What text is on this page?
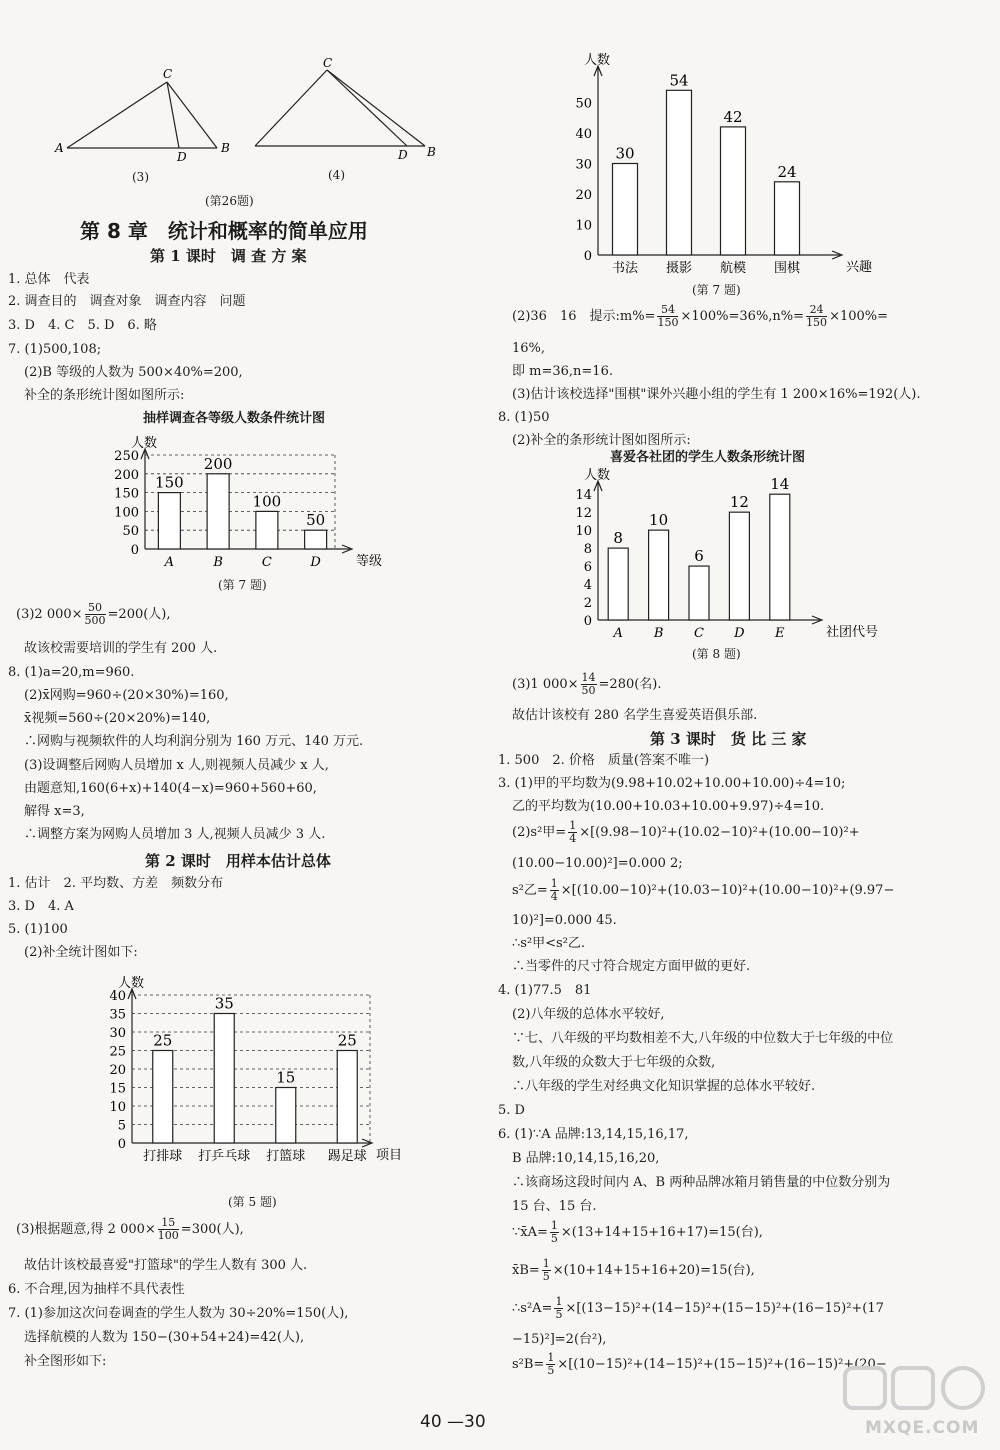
C
A
D
B
(3)
C
D B
(4)
(第26题)
第 8 章　统计和概率的简单应用
第 1 课时　调 查 方 案
1. 总体　代表
2. 调查目的　调查对象　调查内容　问题
3. D　4. C　5. D　6. 略
7. (1)500,108;
(2)B 等级的人数为 500×40%=200,
补全的条形统计图如图所示:
抽样调查各等级人数条件统计图
人数
等级
0
50
100
150
200
250
150
A
200
B
100
C
50
D
(第 7 题)
(3)2 $000\times \frac{50}{500} =200$(人),
故该校需要培训的学生有 200 人.
8. (1)a=20,m=960.
(2)x̄网购=960÷(20×30%)=160,
x̄视频=560÷(20×20%)=140,
∴网购与视频软件的人均利润分别为 160 万元、140 万元.
(3)设调整后网购人员增加 x 人,则视频人员减少 x 人,
由题意知,160(6+x)+140(4−x)=960+560+60,
解得 x=3,
∴调整方案为网购人员增加 3 人,视频人员减少 3 人.
第 2 课时　用样本估计总体
1. 估计　2. 平均数、方差　频数分布
3. D　4. A
5. (1)100
(2)补全统计图如下:
人数
项目
0
5
10
15
20
25
30
35
40
25
打排球
35
打乒乓球
15
打篮球
25
踢足球
(第 5 题)
(3)根据题意,得 2 $000\times \frac{15}{100} =300$(人),
故估计该校最喜爱"打篮球"的学生人数有 300 人.
6. 不合理,因为抽样不具代表性
7. (1)参加这次问卷调查的学生人数为 30÷20%=150(人),
选择航模的人数为 150−(30+54+24)=42(人),
补全图形如下:
人数
兴趣
0
10
20
30
40
50
30
书法
54
摄影
42
航模
24
围棋
(第 7 题)
(2)36　16　提示:m%= $\frac{54}{150} \times 100\%=36\%,n\%= \frac{24}{150} \times 100\%=$
16%,
即 m=36,n=16.
(3)估计该校选择"围棋"课外兴趣小组的学生有 1 200×16%=192(人).
8. (1)50
(2)补全的条形统计图如图所示:
喜爱各社团的学生人数条形统计图
人数
社团代号
0
2
4
6
8
10
12
14
8
A
10
B
6
C
12
D
14
E
(第 8 题)
(3)1 $000\times \frac{14}{50} =280$(名).
故估计该校有 280 名学生喜爱英语俱乐部.
第 3 课时　货 比 三 家
1. 500　2. 价格　质量(答案不唯一)
3. (1)甲的平均数为(9.98+10.02+10.00+10.00)÷4=10;
乙的平均数为(10.00+10.03+10.00+9.97)÷4=10.
(2)s²甲= $\frac{1}{4} \times[(9.98-10)^2+(10.02-10)^2+(10.00-10)^2+$
(10.00−10.00)²]=0.000 2;
s²乙= $\frac{1}{4} \times[(10.00-10)^2+(10.03-10)^2+(10.00-10)^2+(9.97-$
10)²]=0.000 45.
∴s²甲<s²乙.
∴当零件的尺寸符合规定方面甲做的更好.
4. (1)77.5　81
(2)八年级的总体水平较好,
∵七、八年级的平均数相差不大,八年级的中位数大于七年级的中位
数,八年级的众数大于七年级的众数,
∴八年级的学生对经典文化知识掌握的总体水平较好.
5. D
6. (1)∵A 品牌:13,14,15,16,17,
B 品牌:10,14,15,16,20,
∴该商场这段时间内 A、B 两种品牌冰箱月销售量的中位数分别为
15 台、15 台.
∵x̄A= $\frac{1}{5} \times(13+14+15+16+17)=15$(台),
x̄B= $\frac{1}{5} \times(10+14+15+16+20)=15$(台),
∴s²A= $\frac{1}{5} \times[(13-15)^2+(14-15)^2+(15-15)^2+(16-15)^2+(17$
−15)²]=2(台²),
$s^2B= \frac{1}{5} \times[(10-15)^2+(14-15)^2+(15-15)^2+(16-15)^2+(20-$
40 —30	MXQE.COM
